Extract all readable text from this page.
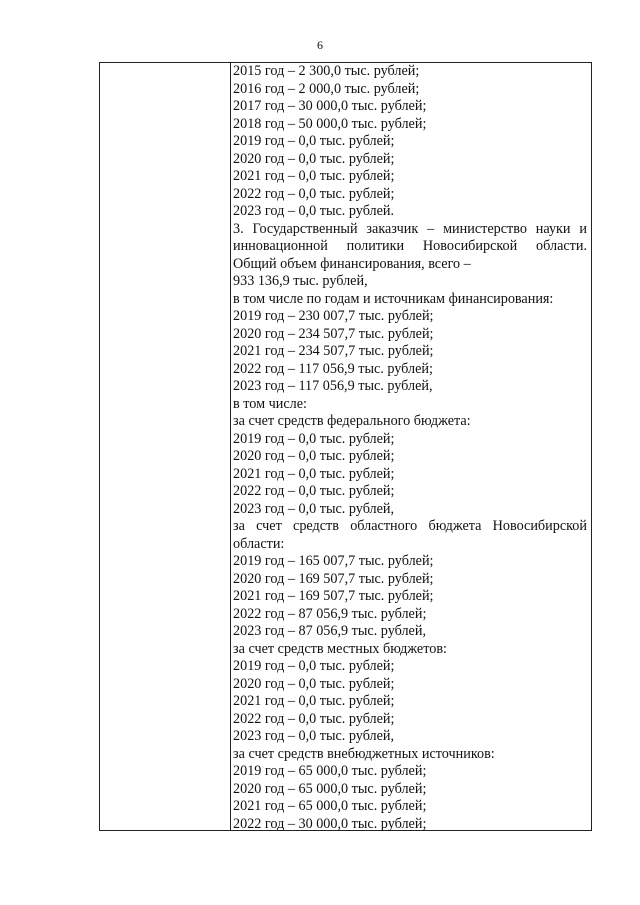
6
2015 год – 2 300,0 тыс. рублей;
2016 год – 2 000,0 тыс. рублей;
2017 год – 30 000,0 тыс. рублей;
2018 год – 50 000,0 тыс. рублей;
2019 год – 0,0 тыс. рублей;
2020 год – 0,0 тыс. рублей;
2021 год – 0,0 тыс. рублей;
2022 год – 0,0 тыс. рублей;
2023 год – 0,0 тыс. рублей.
3. Государственный заказчик – министерство науки и
инновационной политики Новосибирской области.
Общий объем финансирования, всего –
933 136,9 тыс. рублей,
в том числе по годам и источникам финансирования:
2019 год – 230 007,7 тыс. рублей;
2020 год – 234 507,7 тыс. рублей;
2021 год – 234 507,7 тыс. рублей;
2022 год – 117 056,9 тыс. рублей;
2023 год – 117 056,9 тыс. рублей,
в том числе:
за счет средств федерального бюджета:
2019 год – 0,0 тыс. рублей;
2020 год – 0,0 тыс. рублей;
2021 год – 0,0 тыс. рублей;
2022 год – 0,0 тыс. рублей;
2023 год – 0,0 тыс. рублей,
за счет средств областного бюджета Новосибирской
области:
2019 год – 165 007,7 тыс. рублей;
2020 год – 169 507,7 тыс. рублей;
2021 год – 169 507,7 тыс. рублей;
2022 год – 87 056,9 тыс. рублей;
2023 год – 87 056,9 тыс. рублей,
за счет средств местных бюджетов:
2019 год – 0,0 тыс. рублей;
2020 год – 0,0 тыс. рублей;
2021 год – 0,0 тыс. рублей;
2022 год – 0,0 тыс. рублей;
2023 год – 0,0 тыс. рублей,
за счет средств внебюджетных источников:
2019 год – 65 000,0 тыс. рублей;
2020 год – 65 000,0 тыс. рублей;
2021 год – 65 000,0 тыс. рублей;
2022 год – 30 000,0 тыс. рублей;
